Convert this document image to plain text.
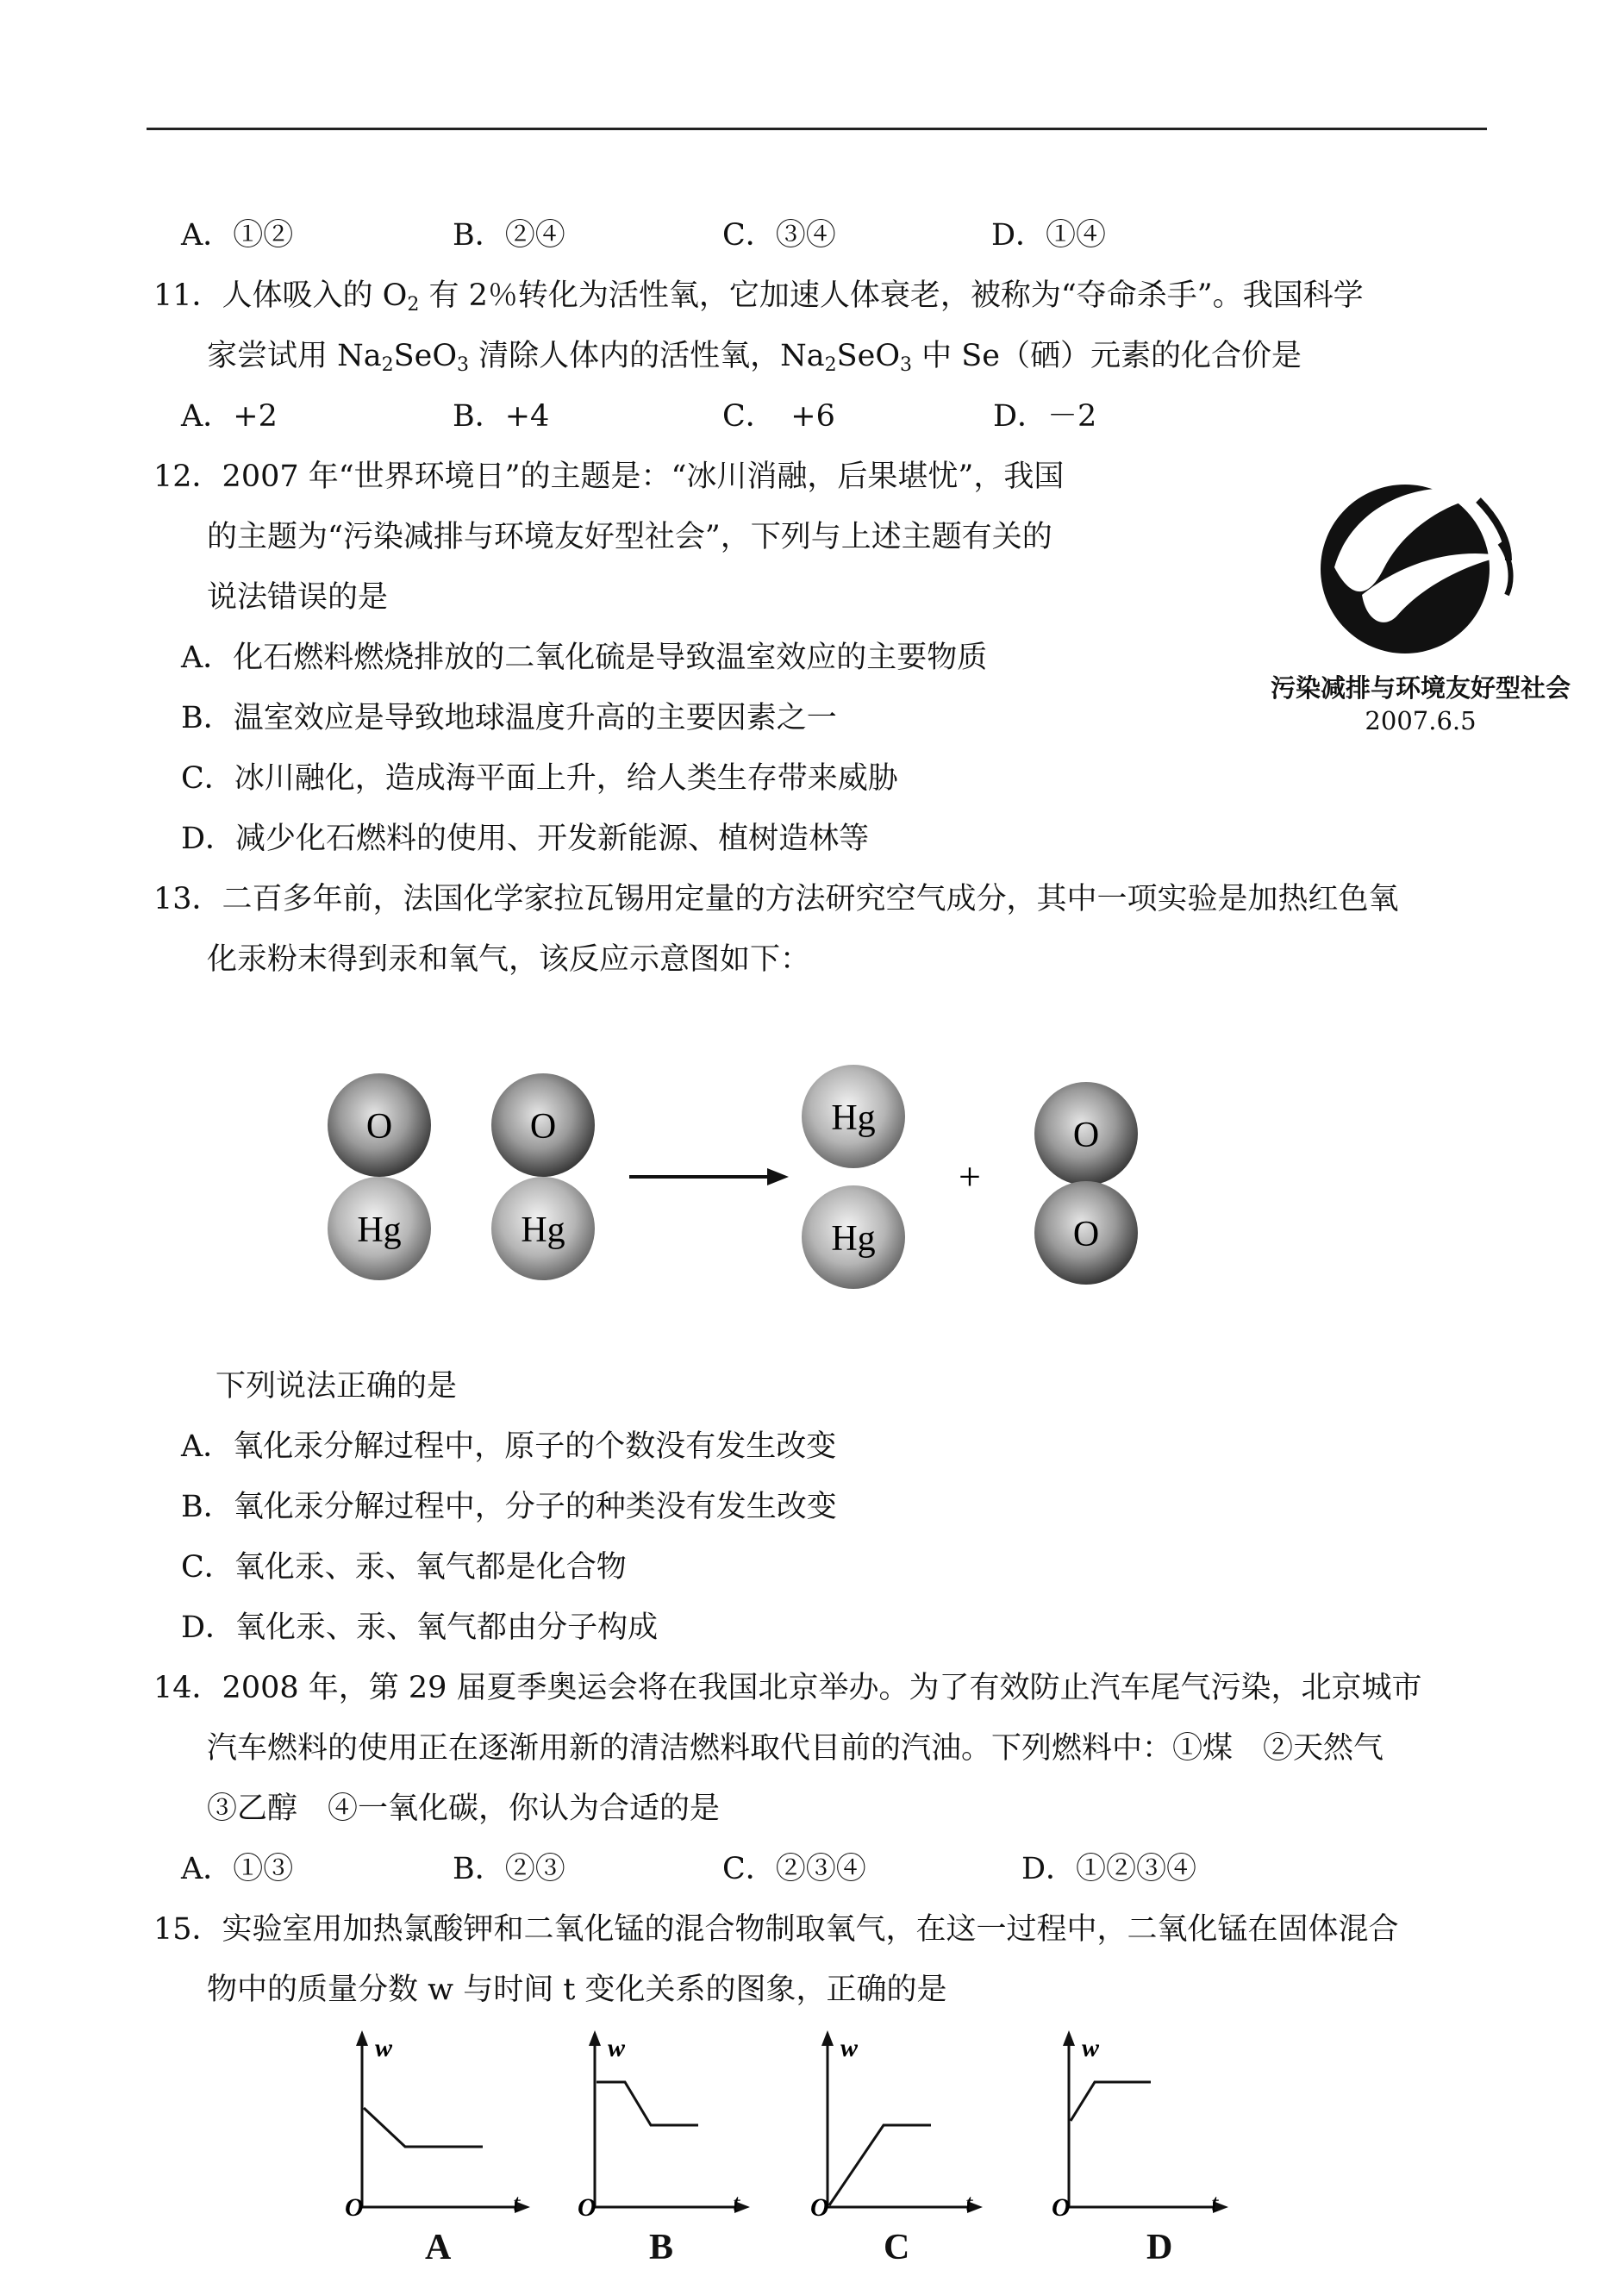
A．①②	B．②④	C．③④	D．①④
11．人体吸入的 $O_2$ 有 2％转化为活性氧，它加速人体衰老，被称为“夺命杀手”。我国科学
家尝试用 $Na_2SeO_3$ 清除人体内的活性氧，$Na_2SeO_3$ 中 Se（硒）元素的化合价是
A．+2	B．+4	C．　+6	D．－2
12．2007 年“世界环境日”的主题是：“冰川消融，后果堪忧”，我国
的主题为“污染减排与环境友好型社会”，下列与上述主题有关的
说法错误的是
A．化石燃料燃烧排放的二氧化硫是导致温室效应的主要物质
B．温室效应是导致地球温度升高的主要因素之一
C．冰川融化，造成海平面上升，给人类生存带来威胁
D．减少化石燃料的使用、开发新能源、植树造林等
污染减排与环境友好型社会
2007.6.5
13．二百多年前，法国化学家拉瓦锡用定量的方法研究空气成分，其中一项实验是加热红色氧
化汞粉末得到汞和氧气，该反应示意图如下：
O
Hg
O
Hg
Hg
Hg
+
O
O
下列说法正确的是
A．氧化汞分解过程中，原子的个数没有发生改变
B．氧化汞分解过程中，分子的种类没有发生改变
C．氧化汞、汞、氧气都是化合物
D．氧化汞、汞、氧气都由分子构成
14．2008 年，第 29 届夏季奥运会将在我国北京举办。为了有效防止汽车尾气污染，北京城市
汽车燃料的使用正在逐渐用新的清洁燃料取代目前的汽油。下列燃料中：①煤　②天然气
③乙醇　④一氧化碳，你认为合适的是
A．①③	B．②③	C．②③④	D．①②③④
15．实验室用加热氯酸钾和二氧化锰的混合物制取氧气，在这一过程中，二氧化锰在固体混合
物中的质量分数 w 与时间 t 变化关系的图象，正确的是
w
O	t
w
O	t
w
O	t
w
O	t
A	B	C	D
